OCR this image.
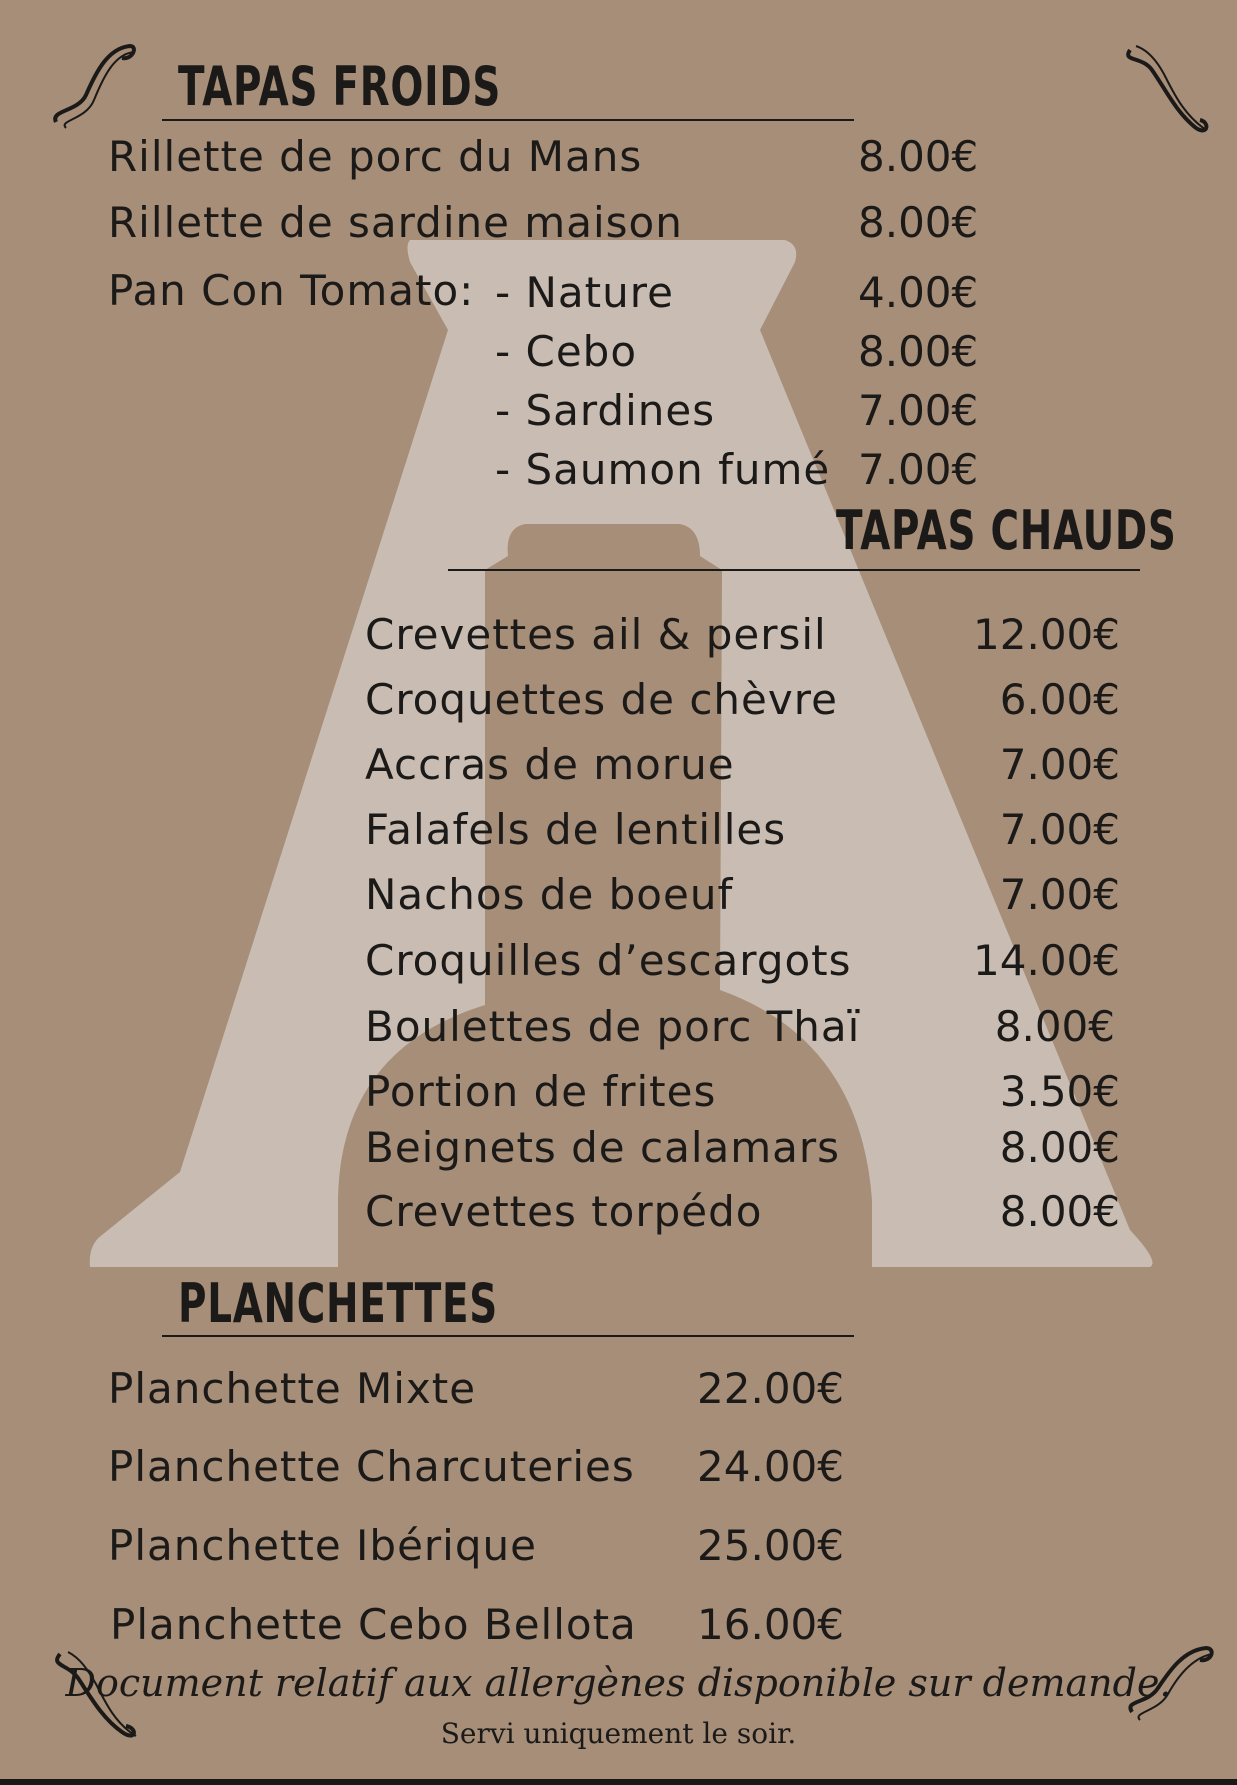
TAPAS FROIDS
Rillette de porc du Mans	8.00€
Rillette de sardine maison	8.00€
Pan Con Tomato: - Nature	4.00€
- Cebo	8.00€
- Sardines	7.00€
- Saumon fumé 7.00€
TAPAS CHAUDS
Crevettes ail & persil	12.00€
Croquettes de chèvre	6.00€
Accras de morue	7.00€
Falafels de lentilles	7.00€
Nachos de boeuf	7.00€
Croquilles d’escargots	14.00€
Boulettes de porc Thaï	8.00€
Portion de frites	3.50€
Beignets de calamars	8.00€
Crevettes torpédo	8.00€
PLANCHETTES
Planchette Mixte	22.00€
Planchette Charcuteries	24.00€
Planchette Ibérique	25.00€
Planchette Cebo Bellota	16.00€
Document relatif aux allergènes disponible sur demande.
Servi uniquement le soir.
